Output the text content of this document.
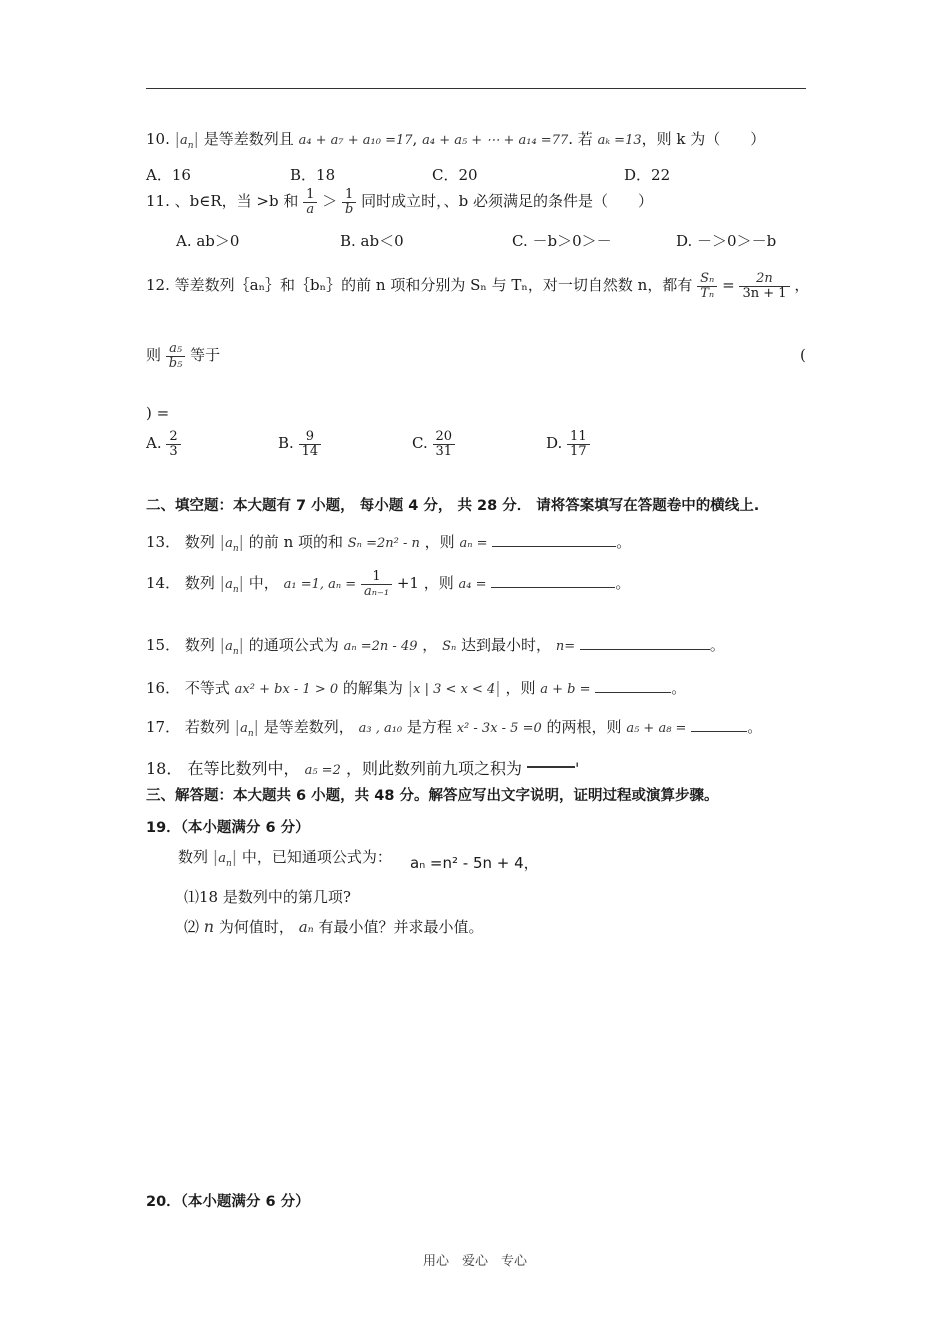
10. $|a_n|$ 是等差数列且 a₄ + a₇ + a₁₀ =17, a₄ + a₅ + ⋯ + a₁₄ =77. 若 aₖ =13，则 k 为（　　）
A．16	B．18	C．20	D．22
11. 、b∈R，当 >b 和 $\frac{1}{a} > \frac{1}{b}$ 同时成立时，、b 必须满足的条件是（　　）
A. ab＞0	B. ab＜0	C. －b＞0＞－	D. －＞0＞－b
12. 等差数列｛aₙ｝和｛bₙ｝的前 n 项和分别为 Sₙ 与 Tₙ，对一切自然数 n，都有 $\frac{\text{Sₙ}}{\text{Tₙ}} = \frac{2n}{3n + 1}$ ，
则 $\frac{\text{a₅}}{\text{b₅}}$ 等于	(
) =
A. $\frac{2}{3}$	B. $\frac{9}{14}$	C. $\frac{20}{31}$	D. $\frac{11}{17}$
二、填空题：本大题有 7 小题， 每小题 4 分， 共 28 分． 请将答案填写在答题卷中的横线上.
13． 数列 $|a_n|$ 的前 n 项的和 Sₙ =2n² - n ，则 aₙ =	。
14． 数列 $|a_n|$ 中， a₁ =1, $a_n = \frac{1}{\text{aₙ₋₁}} +1$ ，则 a₄ =	。
15． 数列 $|a_n|$ 的通项公式为 aₙ =2n - 49 ， Sₙ 达到最小时， n=	。
16． 不等式 ax² + bx - 1 > 0 的解集为 |x | 3 < x < 4| ，则 a + b =	。
17． 若数列 $|a_n|$ 是等差数列， a₃ , a₁₀ 是方程 x² - 3x - 5 =0 的两根，则 a₅ + a₈ =	。
18． 在等比数列中， a₅ =2 ，则此数列前九项之积为	'
三、解答题：本大题共 6 小题，共 48 分。解答应写出文字说明，证明过程或演算步骤。
19．（本小题满分 6 分）
数列 $|a_n|$ 中，已知通项公式为： aₙ =n² - 5n + 4，
⑴18 是数列中的第几项?
⑵ n 为何值时， aₙ 有最小值？并求最小值。
20．（本小题满分 6 分）
用心　爱心　专心
